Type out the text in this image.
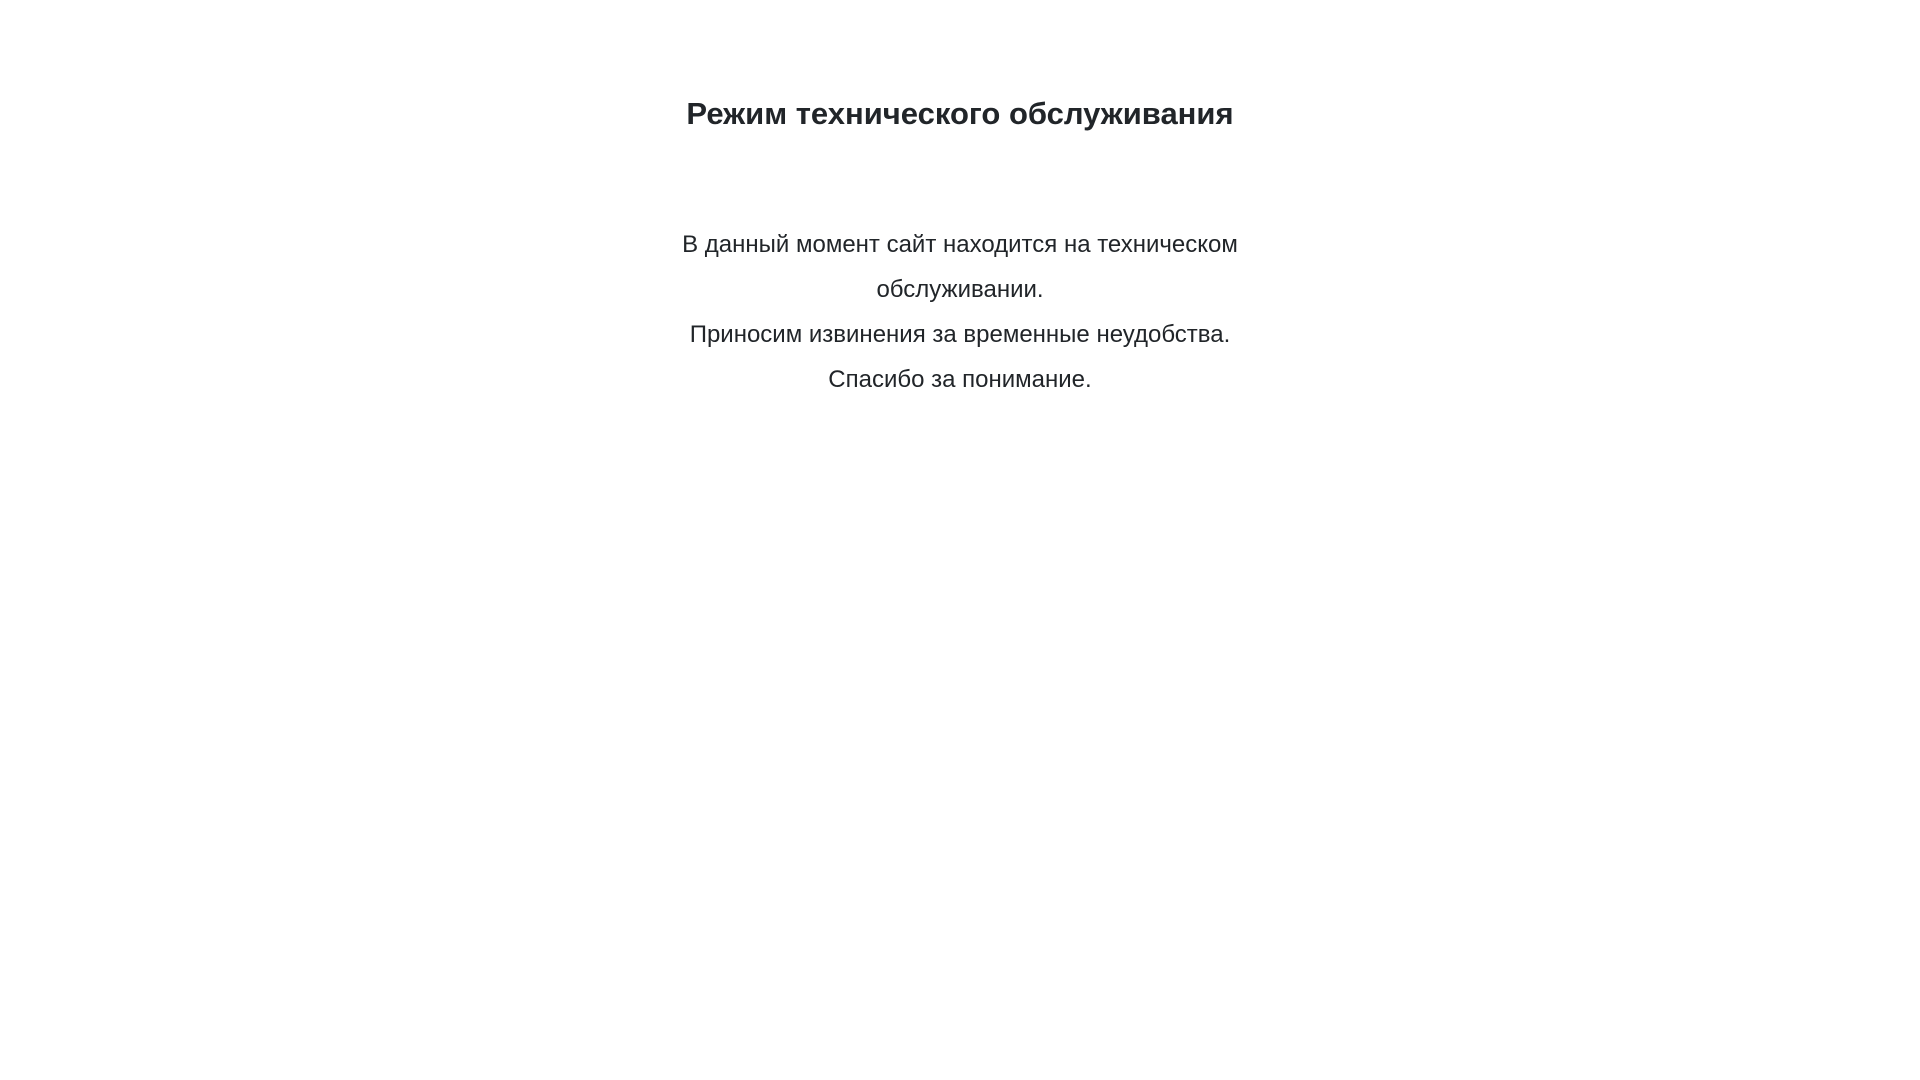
Режим технического обслуживания

В данный момент сайт находится на техническом обслуживании.

Приносим извинения за временные неудобства.

Спасибо за понимание.
